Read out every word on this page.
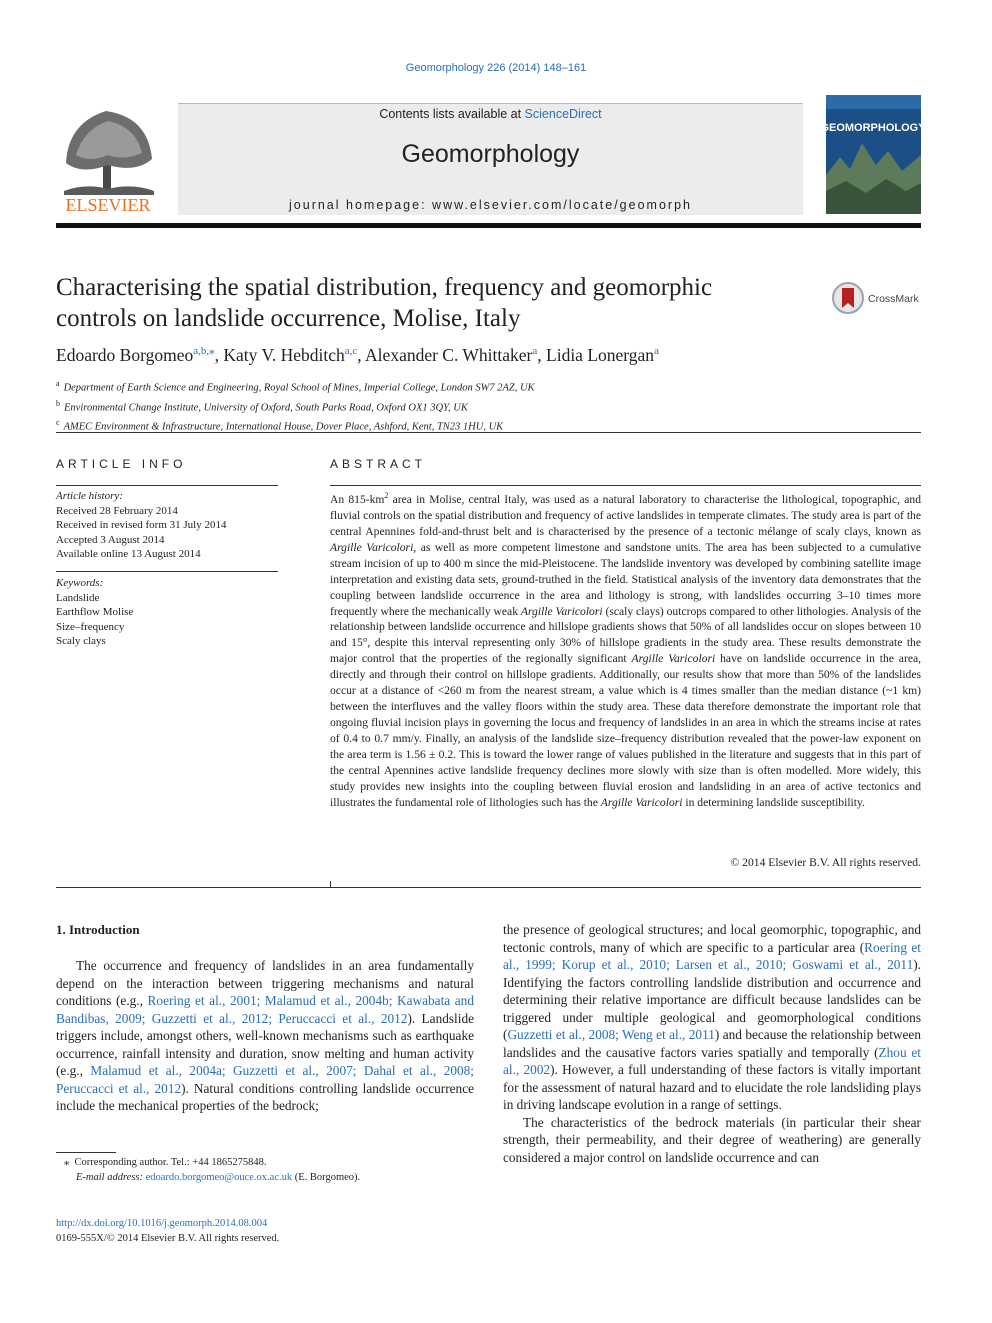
Geomorphology 226 (2014) 148–161
ELSEVIER
Contents lists available at ScienceDirect
Geomorphology
journal homepage: www.elsevier.com/locate/geomorph
GEOMORPHOLOGY
Characterising the spatial distribution, frequency and geomorphic controls on landslide occurrence, Molise, Italy
CrossMark
Edoardo Borgomeo$^{a,b,⁎}$, Katy V. Hebditch$^{a,c}$, Alexander C. Whittaker$^a$, Lidia Lonergan$^a$
$^a$ Department of Earth Science and Engineering, Royal School of Mines, Imperial College, London SW7 2AZ, UK
$^b$ Environmental Change Institute, University of Oxford, South Parks Road, Oxford OX1 3QY, UK
$^c$ AMEC Environment & Infrastructure, International House, Dover Place, Ashford, Kent, TN23 1HU, UK
ARTICLE INFO
Article history:
Received 28 February 2014
Received in revised form 31 July 2014
Accepted 3 August 2014
Available online 13 August 2014
Keywords:
Landslide
Earthflow Molise
Size–frequency
Scaly clays
ABSTRACT
An $815-km^2$ area in Molise, central Italy, was used as a natural laboratory to characterise the lithological, topographic, and fluvial controls on the spatial distribution and frequency of active landslides in temperate climates. The study area is part of the central Apennines fold-and-thrust belt and is characterised by the presence of a tectonic mélange of scaly clays, known as Argille Varicolori, as well as more competent limestone and sandstone units. The area has been subjected to a cumulative stream incision of up to 400 m since the mid-Pleistocene. The landslide inventory was developed by combining satellite image interpretation and existing data sets, ground-truthed in the field. Statistical analysis of the inventory data demonstrates that the coupling between landslide occurrence in the area and lithology is strong, with landslides occurring 3–10 times more frequently where the mechanically weak Argille Varicolori (scaly clays) outcrops compared to other lithologies. Analysis of the relationship between landslide occurrence and hillslope gradients shows that 50% of all landslides occur on slopes between 10 and 15°, despite this interval representing only 30% of hillslope gradients in the study area. These results demonstrate the major control that the properties of the regionally significant Argille Varicolori have on landslide occurrence in the area, directly and through their control on hillslope gradients. Additionally, our results show that more than 50% of the landslides occur at a distance of <260 m from the nearest stream, a value which is 4 times smaller than the median distance (~1 km) between the interfluves and the valley floors within the study area. These data therefore demonstrate the important role that ongoing fluvial incision plays in governing the locus and frequency of landslides in an area in which the streams incise at rates of 0.4 to 0.7 mm/y. Finally, an analysis of the landslide size–frequency distribution revealed that the power-law exponent on the area term is 1.56 ± 0.2. This is toward the lower range of values published in the literature and suggests that in this part of the central Apennines active landslide frequency declines more slowly with size than is often modelled. More widely, this study provides new insights into the coupling between fluvial erosion and landsliding in an area of active tectonics and illustrates the fundamental role of lithologies such has the Argille Varicolori in determining landslide susceptibility.
© 2014 Elsevier B.V. All rights reserved.
1. Introduction

The occurrence and frequency of landslides in an area fundamentally depend on the interaction between triggering mechanisms and natural conditions (e.g., Roering et al., 2001; Malamud et al., 2004b; Kawabata and Bandibas, 2009; Guzzetti et al., 2012; Peruccacci et al., 2012). Landslide triggers include, amongst others, well-known mechanisms such as earthquake occurrence, rainfall intensity and duration, snow melting and human activity (e.g., Malamud et al., 2004a; Guzzetti et al., 2007; Dahal et al., 2008; Peruccacci et al., 2012). Natural conditions controlling landslide occurrence include the mechanical properties of the bedrock;

the presence of geological structures; and local geomorphic, topographic, and tectonic controls, many of which are specific to a particular area (Roering et al., 1999; Korup et al., 2010; Larsen et al., 2010; Goswami et al., 2011). Identifying the factors controlling landslide distribution and occurrence and determining their relative importance are difficult because landslides can be triggered under multiple geological and geomorphological conditions (Guzzetti et al., 2008; Weng et al., 2011) and because the relationship between landslides and the causative factors varies spatially and temporally (Zhou et al., 2002). However, a full understanding of these factors is vitally important for the assessment of natural hazard and to elucidate the role landsliding plays in driving landscape evolution in a range of settings.

The characteristics of the bedrock materials (in particular their shear strength, their permeability, and their degree of weathering) are generally considered a major control on landslide occurrence and can

⁎ Corresponding author. Tel.: +44 1865275848.
E-mail address: edoardo.borgomeo@ouce.ox.ac.uk (E. Borgomeo).
http://dx.doi.org/10.1016/j.geomorph.2014.08.004
0169-555X/© 2014 Elsevier B.V. All rights reserved.
